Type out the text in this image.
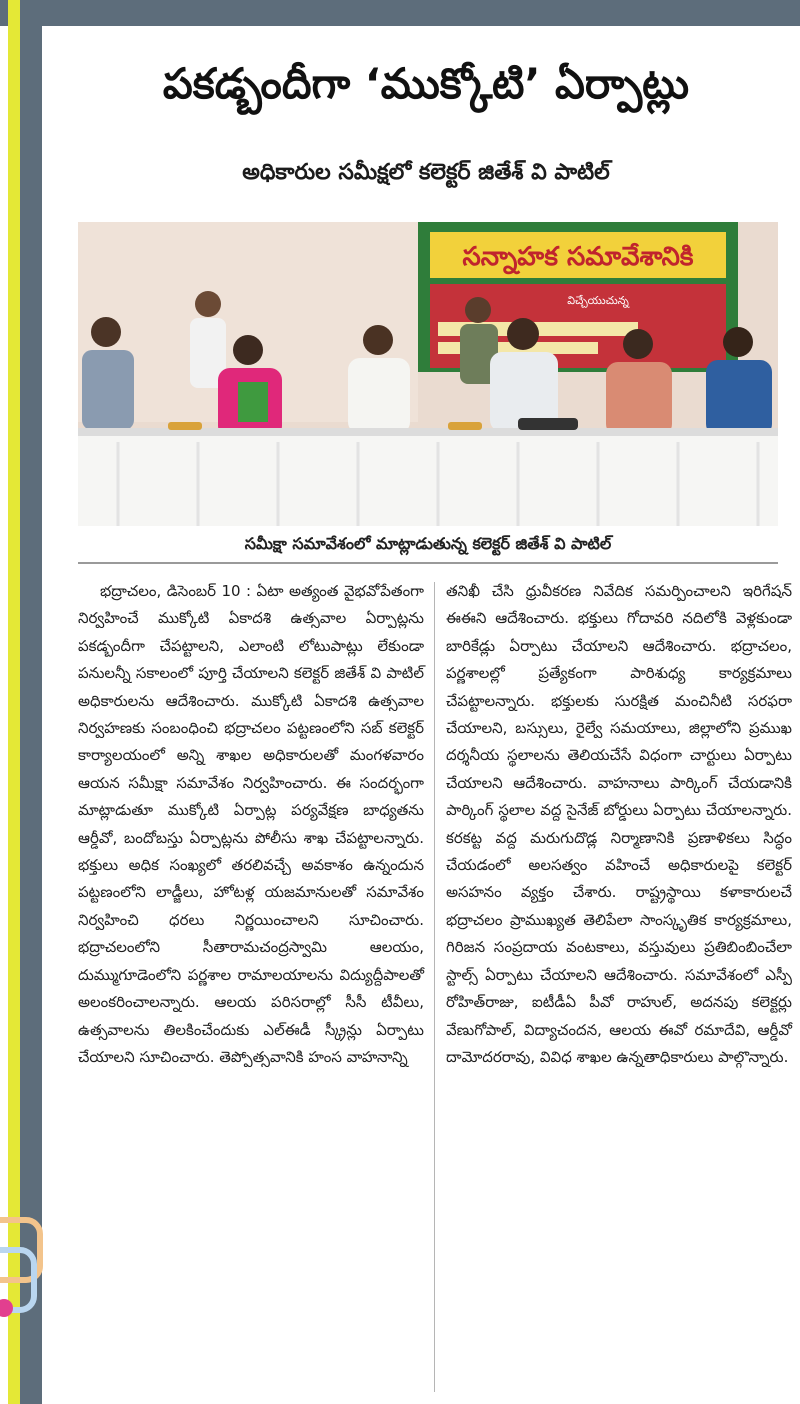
పకడ్బందీగా ‘ముక్కోటి’ ఏర్పాట్లు
అధికారుల సమీక్షలో కలెక్టర్ జితేశ్ వి పాటిల్
సన్నాహక సమావేశానికి
విచ్చేయుచున్న
సమీక్షా సమావేశంలో మాట్లాడుతున్న కలెక్టర్ జితేశ్ వి పాటిల్

భద్రాచలం, డిసెంబర్ 10 : ఏటా అత్యంత వైభవోపేతంగా నిర్వహించే ముక్కోటి ఏకాదశి ఉత్సవాల ఏర్పాట్లను పకడ్బందీగా చేపట్టాలని, ఎలాంటి లోటుపాట్లు లేకుండా పనులన్నీ సకాలంలో పూర్తి చేయాలని కలెక్టర్ జితేశ్ వి పాటిల్ అధికారులను ఆదేశించారు. ముక్కోటి ఏకాదశి ఉత్సవాల నిర్వహణకు సంబంధించి భద్రాచలం పట్టణంలోని సబ్ కలెక్టర్ కార్యాలయంలో అన్ని శాఖల అధికారులతో మంగళవారం ఆయన సమీక్షా సమావేశం నిర్వహించారు. ఈ సందర్భంగా మాట్లాడుతూ ముక్కోటి ఏర్పాట్ల పర్యవేక్షణ బాధ్యతను ఆర్డీవో, బందోబస్తు ఏర్పాట్లను పోలీసు శాఖ చేపట్టాలన్నారు. భక్తులు అధిక సంఖ్యలో తరలివచ్చే అవకాశం ఉన్నందున పట్టణంలోని లాడ్జీలు, హోటళ్ల యజమానులతో సమావేశం నిర్వహించి ధరలు నిర్ణయించాలని సూచించారు. భద్రాచలంలోని సీతారామచంద్రస్వామి ఆలయం, దుమ్ముగూడెంలోని పర్ణశాల రామాలయాలను విద్యుద్దీపాలతో అలంకరించాలన్నారు. ఆలయ పరిసరాల్లో సీసీ టీవీలు, ఉత్సవాలను తిలకించేందుకు ఎల్ఈడీ స్క్రీన్లు ఏర్పాటు చేయాలని సూచించారు. తెప్పోత్సవానికి హంస వాహనాన్ని

తనిఖీ చేసి ధ్రువీకరణ నివేదిక సమర్పించాలని ఇరిగేషన్ ఈఈని ఆదేశించారు. భక్తులు గోదావరి నదిలోకి వెళ్లకుండా బారికేడ్లు ఏర్పాటు చేయాలని ఆదేశించారు. భద్రాచలం, పర్ణశాలల్లో ప్రత్యేకంగా పారిశుధ్య కార్యక్రమాలు చేపట్టాలన్నారు. భక్తులకు సురక్షిత మంచినీటి సరఫరా చేయాలని, బస్సులు, రైల్వే సమయాలు, జిల్లాలోని ప్రముఖ దర్శనీయ స్థలాలను తెలియచేసే విధంగా చార్టులు ఏర్పాటు చేయాలని ఆదేశించారు. వాహనాలు పార్కింగ్ చేయడానికి పార్కింగ్ స్థలాల వద్ద సైనేజ్ బోర్డులు ఏర్పాటు చేయాలన్నారు. కరకట్ట వద్ద మరుగుదొడ్ల నిర్మాణానికి ప్రణాళికలు సిద్ధం చేయడంలో అలసత్వం వహించే అధికారులపై కలెక్టర్ అసహనం వ్యక్తం చేశారు. రాష్ట్రస్థాయి కళాకారులచే భద్రాచలం ప్రాముఖ్యత తెలిపేలా సాంస్కృతిక కార్యక్రమాలు, గిరిజన సంప్రదాయ వంటకాలు, వస్తువులు ప్రతిబింబించేలా స్టాల్స్ ఏర్పాటు చేయాలని ఆదేశించారు. సమావేశంలో ఎస్పీ రోహిత్‌రాజు, ఐటీడీఏ పీవో రాహుల్, అదనపు కలెక్టర్లు వేణుగోపాల్, విద్యాచందన, ఆలయ ఈవో రమాదేవి, ఆర్డీవో దామోదరరావు, వివిధ శాఖల ఉన్నతాధికారులు పాల్గొన్నారు.
